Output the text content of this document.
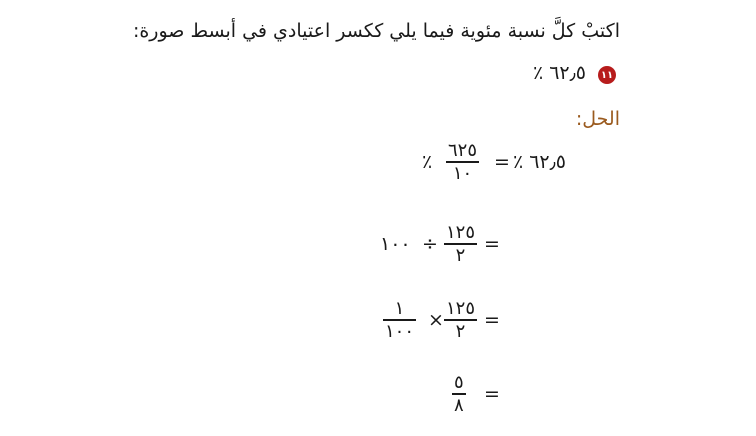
اكتبْ كلَّ نسبة مئوية فيما يلي ككسر اعتيادي في أبسط صورة:
١١
٦٢٫٥ ٪
الحل:
٦٢٫٥ ٪
=
٦٢٥
١٠
٪
=
١٢٥
٢
÷
١٠٠
=
١٢٥
٢
×
١
١٠٠
=
٥
٨
